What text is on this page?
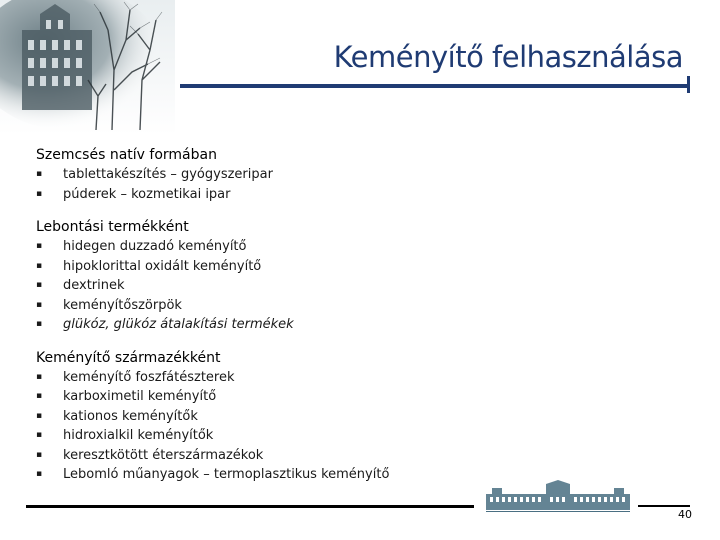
Keményítő felhasználása
Szemcsés natív formában
▪ tablettakészítés – gyógyszeripar
▪ púderek – kozmetikai ipar
Lebontási termékként
▪ hidegen duzzadó keményítő
▪ hipoklorittal oxidált keményítő
▪ dextrinek
▪ keményítőszörpök
▪ glükóz, glükóz átalakítási termékek
Keményítő származékként
▪ keményítő foszfátészterek
▪ karboximetil keményítő
▪ kationos keményítők
▪ hidroxialkil keményítők
▪ keresztkötött éterszármazékok
▪ Lebomló műanyagok – termoplasztikus keményítő
40
